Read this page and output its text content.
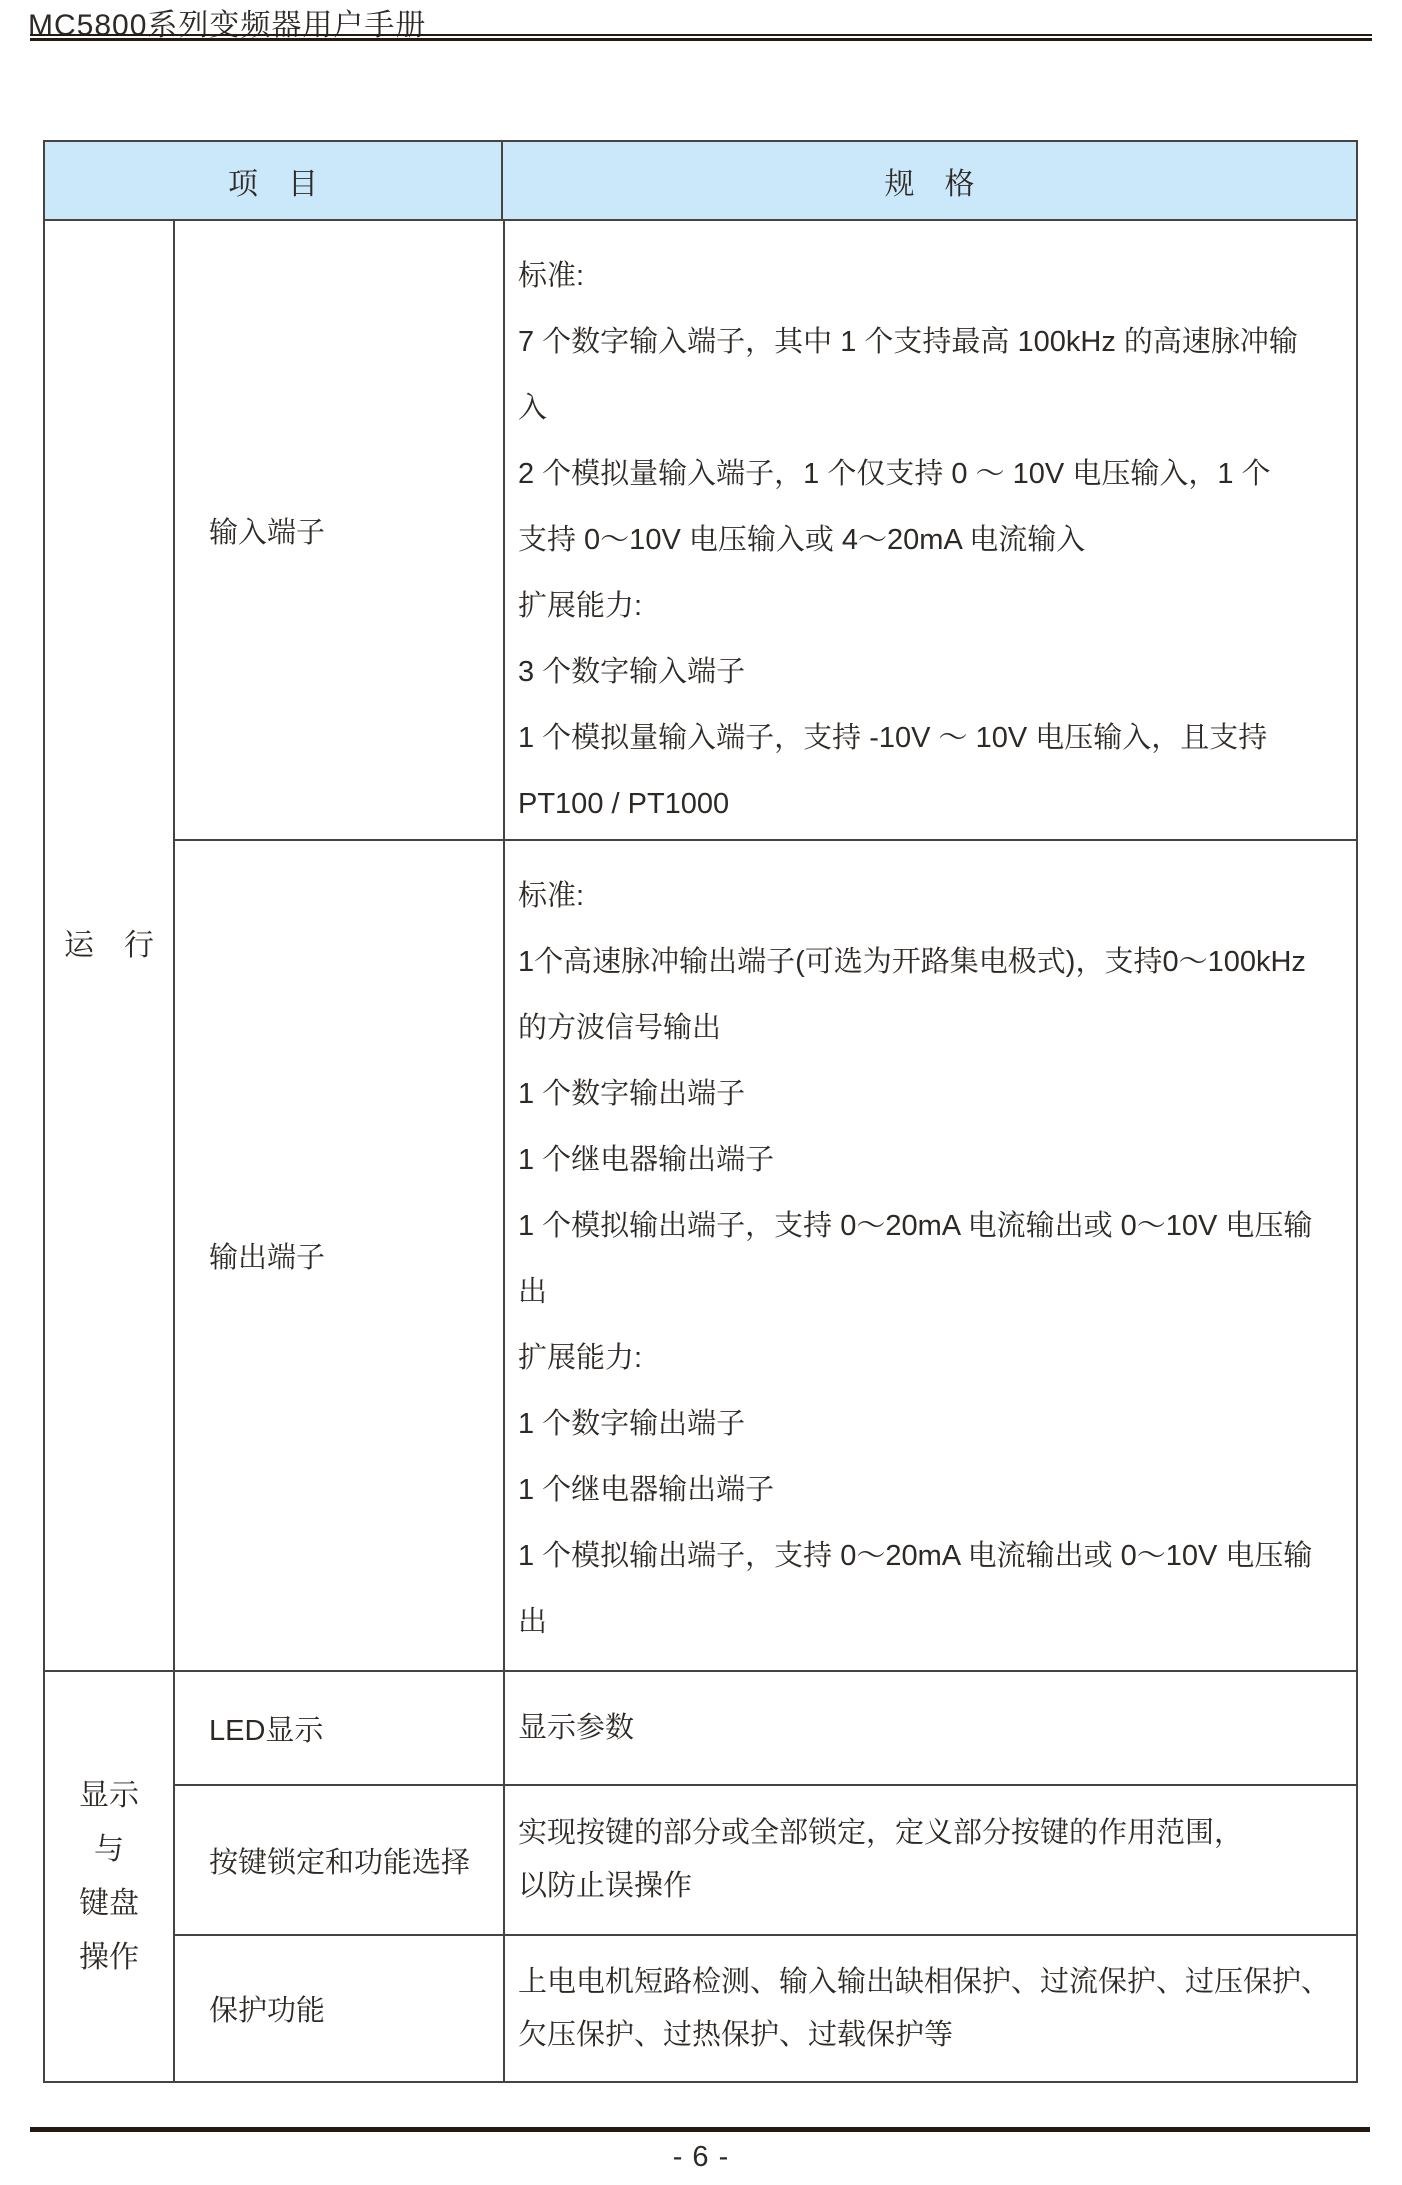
MC5800系列变频器用户手册
项　目	规　格
运　行
输入端子
标准:
7 个数字输入端子，其中 1 个支持最高 100kHz 的高速脉冲输
入
2 个模拟量输入端子，1 个仅支持 0 ～ 10V 电压输入，1 个
支持 0～10V 电压输入或 4～20mA 电流输入
扩展能力:
3 个数字输入端子
1 个模拟量输入端子，支持 -10V ～ 10V 电压输入，且支持
PT100 / PT1000
输出端子
标准:
1个高速脉冲输出端子(可选为开路集电极式)，支持0～100kHz
的方波信号输出
1 个数字输出端子
1 个继电器输出端子
1 个模拟输出端子，支持 0～20mA 电流输出或 0～10V 电压输
出
扩展能力:
1 个数字输出端子
1 个继电器输出端子
1 个模拟输出端子，支持 0～20mA 电流输出或 0～10V 电压输
出
显示
与
键盘
操作
LED显示	显示参数
按键锁定和功能选择
实现按键的部分或全部锁定，定义部分按键的作用范围，
以防止误操作
保护功能
上电电机短路检测、输入输出缺相保护、过流保护、过压保护、
欠压保护、过热保护、过载保护等
- 6 -
